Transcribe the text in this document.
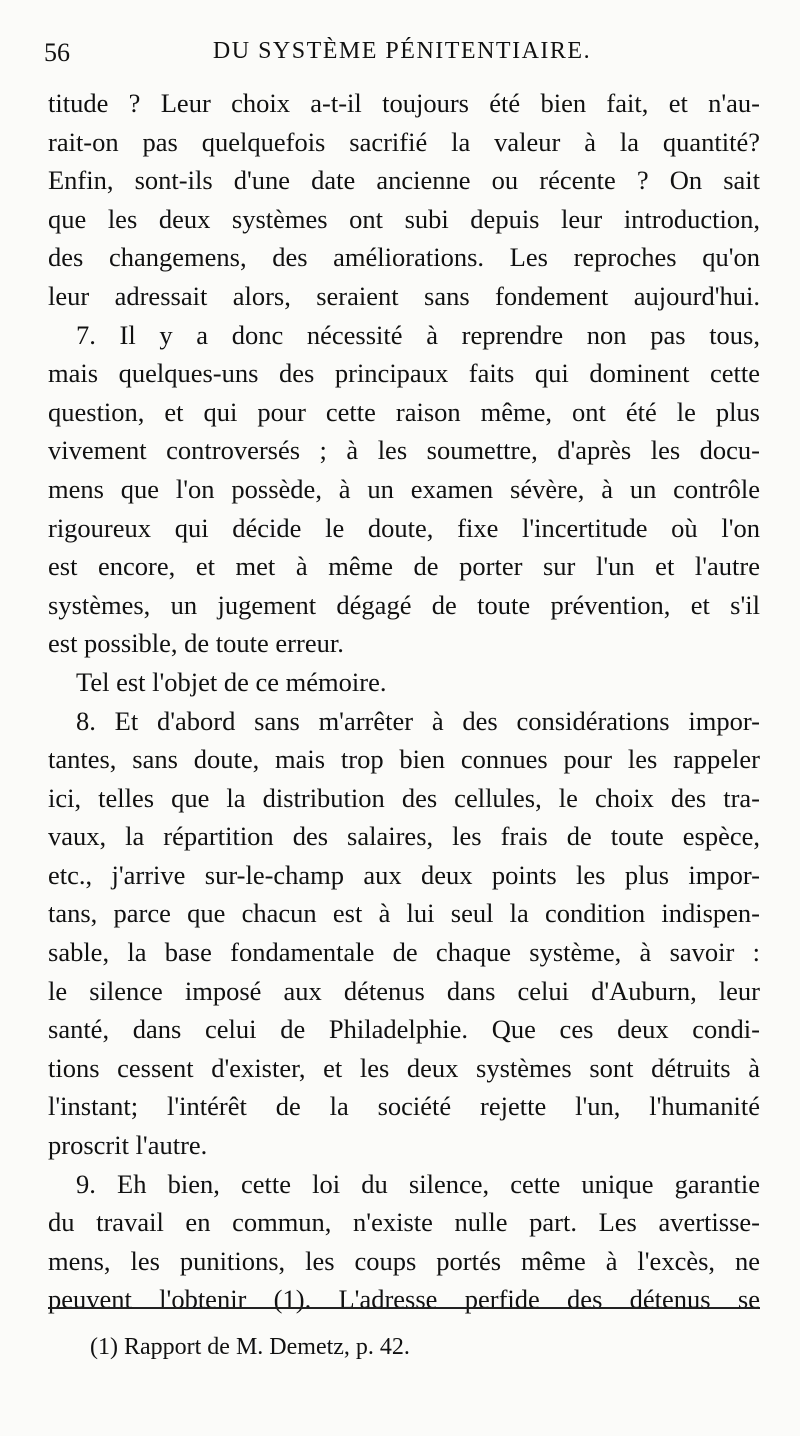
56	DU SYSTÈME PÉNITENTIAIRE.
titude ? Leur choix a-t-il toujours été bien fait, et n'au-
rait-on pas quelquefois sacrifié la valeur à la quantité?
Enfin, sont-ils d'une date ancienne ou récente ? On sait
que les deux systèmes ont subi depuis leur introduction,
des changemens, des améliorations. Les reproches qu'on
leur adressait alors, seraient sans fondement aujourd'hui.
7. Il y a donc nécessité à reprendre non pas tous,
mais quelques-uns des principaux faits qui dominent cette
question, et qui pour cette raison même, ont été le plus
vivement controversés ; à les soumettre, d'après les docu-
mens que l'on possède, à un examen sévère, à un contrôle
rigoureux qui décide le doute, fixe l'incertitude où l'on
est encore, et met à même de porter sur l'un et l'autre
systèmes, un jugement dégagé de toute prévention, et s'il
est possible, de toute erreur.
Tel est l'objet de ce mémoire.
8. Et d'abord sans m'arrêter à des considérations impor-
tantes, sans doute, mais trop bien connues pour les rappeler
ici, telles que la distribution des cellules, le choix des tra-
vaux, la répartition des salaires, les frais de toute espèce,
etc., j'arrive sur-le-champ aux deux points les plus impor-
tans, parce que chacun est à lui seul la condition indispen-
sable, la base fondamentale de chaque système, à savoir :
le silence imposé aux détenus dans celui d'Auburn, leur
santé, dans celui de Philadelphie. Que ces deux condi-
tions cessent d'exister, et les deux systèmes sont détruits à
l'instant; l'intérêt de la société rejette l'un, l'humanité
proscrit l'autre.
9. Eh bien, cette loi du silence, cette unique garantie
du travail en commun, n'existe nulle part. Les avertisse-
mens, les punitions, les coups portés même à l'excès, ne
peuvent l'obtenir (1). L'adresse perfide des détenus se
(1) Rapport de M. Demetz, p. 42.
